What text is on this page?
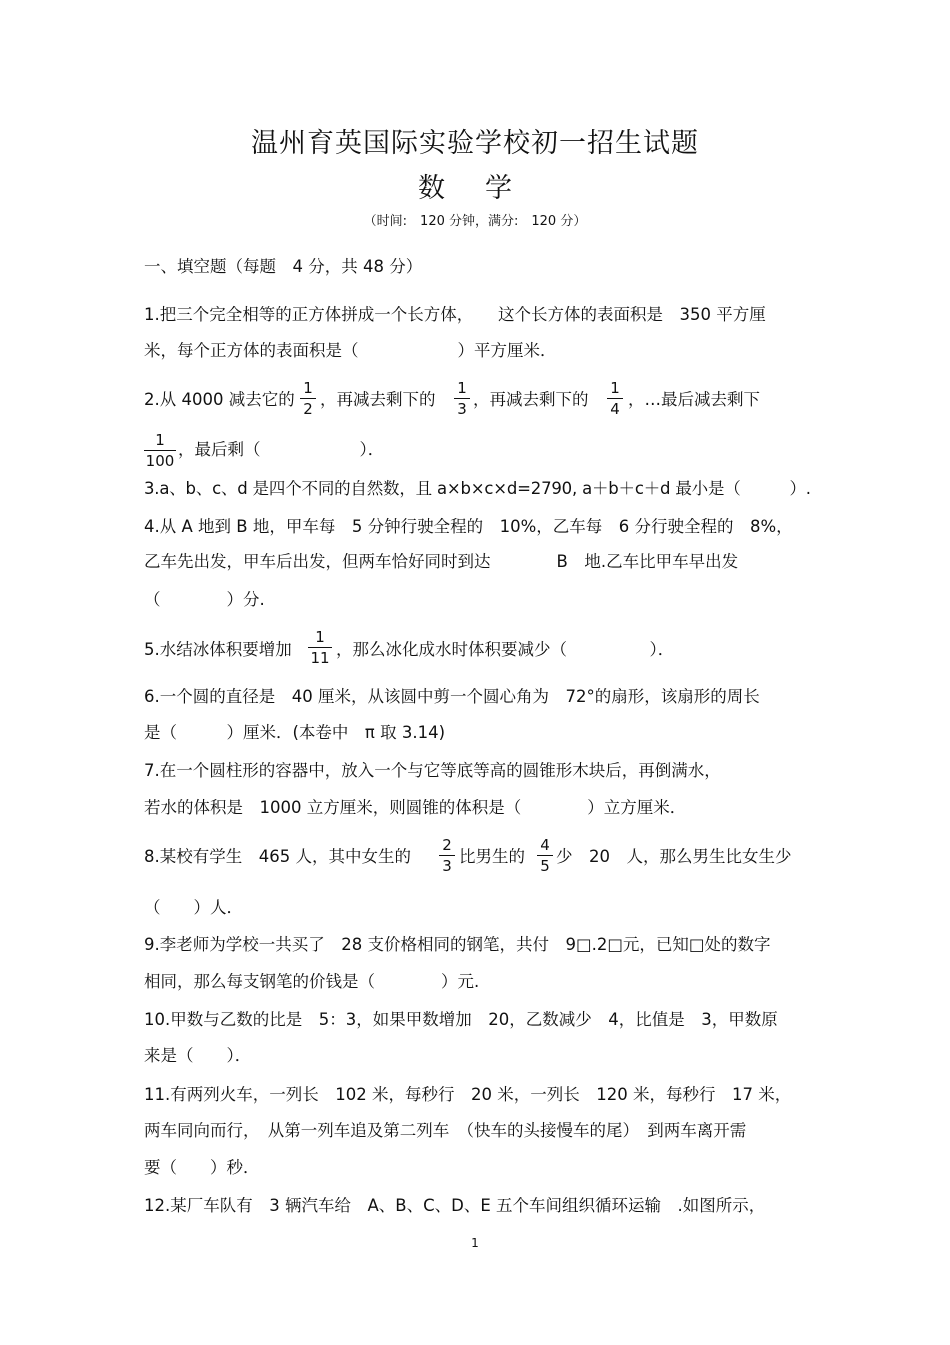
温州育英国际实验学校初一招生试题
数学
（时间:　120 分钟，满分:　120 分）
一、填空题（每题　4 分，共 48 分）
1.把三个完全相等的正方体拼成一个长方体，　　这个长方体的表面积是　350 平方厘
米，每个正方体的表面积是（　　　　　　）平方厘米．
2.从 4000 减去它的
1
2 ，再减去剩下的
1
3 ，再减去剩下的
1
4 ，…最后减去剩下
1
100
，最后剩（　　　　　　）．
3.a、b、c、d 是四个不同的自然数，且 a×b×c×d=2790, a＋b＋c＋d 最小是（　　　）.
4.从 A 地到 B 地，甲车每　5 分钟行驶全程的　10%，乙车每　6 分行驶全程的　8%，
乙车先出发，甲车后出发，但两车恰好同时到达　　　　B　地.乙车比甲车早出发
（　　　　）分.
5.水结冰体积要增加
1
11 ，那么冰化成水时体积要减少（　　　　　）．
6.一个圆的直径是　40 厘米，从该圆中剪一个圆心角为　72°的扇形，该扇形的周长
是（　　　）厘米．(本卷中　π 取 3.14)
7.在一个圆柱形的容器中，放入一个与它等底等高的圆锥形木块后，再倒满水，
若水的体积是　1000 立方厘米，则圆锥的体积是（　　　　）立方厘米．
8.某校有学生　465 人，其中女生的
2
3 比男生的
4
5 少　20　人，那么男生比女生少
（　　）人．
9.李老师为学校一共买了　28 支价格相同的钢笔，共付　9□.2□元，已知□处的数字
相同，那么每支钢笔的价钱是（　　　　）元.
10.甲数与乙数的比是　5：3，如果甲数增加　20，乙数减少　4，比值是　3，甲数原
来是（　　）．
11.有两列火车，一列长　102 米，每秒行　20 米，一列长　120 米，每秒行　17 米，
两车同向而行，　从第一列车追及第二列车　（快车的头接慢车的尾）　到两车离开需
要（　　）秒．
12.某厂车队有　3 辆汽车给　A、B、C、D、E 五个车间组织循环运输　.如图所示，
1
